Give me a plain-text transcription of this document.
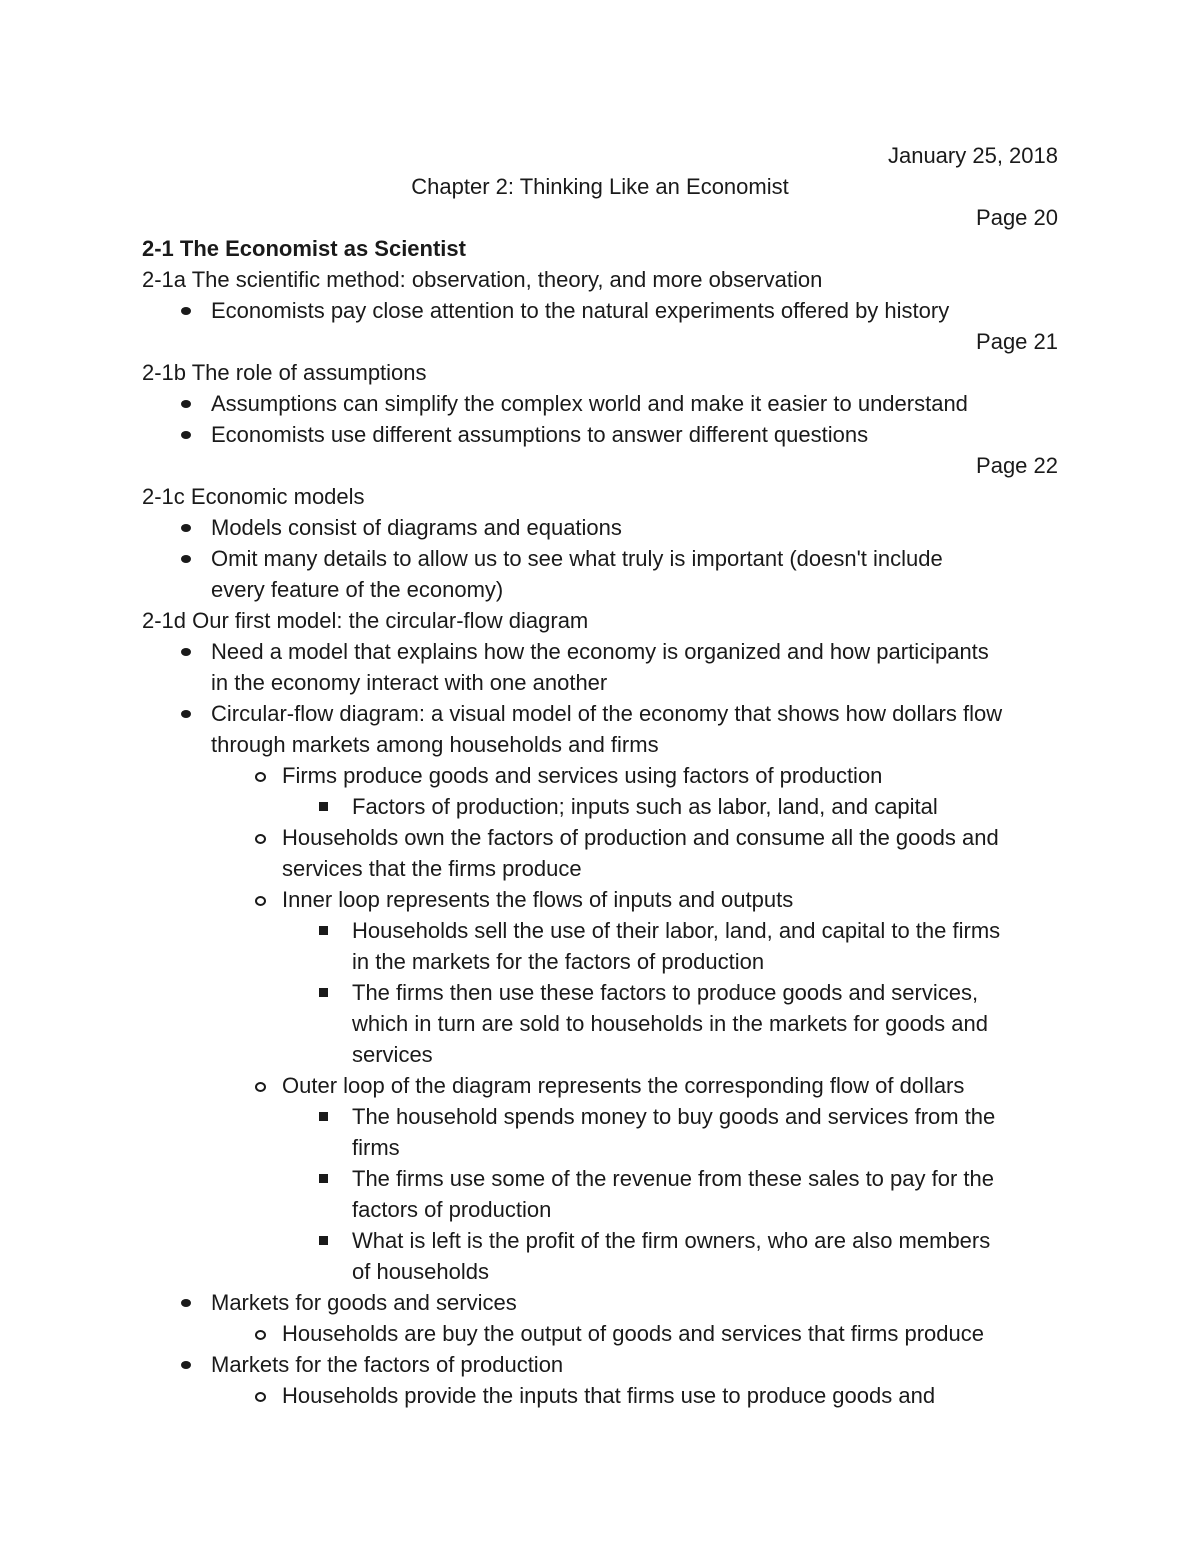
January 25, 2018
Chapter 2: Thinking Like an Economist
Page 20
2-1 The Economist as Scientist
2-1a The scientific method: observation, theory, and more observation
Economists pay close attention to the natural experiments offered by history
Page 21
2-1b The role of assumptions
Assumptions can simplify the complex world and make it easier to understand
Economists use different assumptions to answer different questions
Page 22
2-1c Economic models
Models consist of diagrams and equations
Omit many details to allow us to see what truly is important (doesn't include
every feature of the economy)
2-1d Our first model: the circular-flow diagram
Need a model that explains how the economy is organized and how participants
in the economy interact with one another
Circular-flow diagram: a visual model of the economy that shows how dollars flow
through markets among households and firms
Firms produce goods and services using factors of production
Factors of production; inputs such as labor, land, and capital
Households own the factors of production and consume all the goods and
services that the firms produce
Inner loop represents the flows of inputs and outputs
Households sell the use of their labor, land, and capital to the firms
in the markets for the factors of production
The firms then use these factors to produce goods and services,
which in turn are sold to households in the markets for goods and
services
Outer loop of the diagram represents the corresponding flow of dollars
The household spends money to buy goods and services from the
firms
The firms use some of the revenue from these sales to pay for the
factors of production
What is left is the profit of the firm owners, who are also members
of households
Markets for goods and services
Households are buy the output of goods and services that firms produce
Markets for the factors of production
Households provide the inputs that firms use to produce goods and
